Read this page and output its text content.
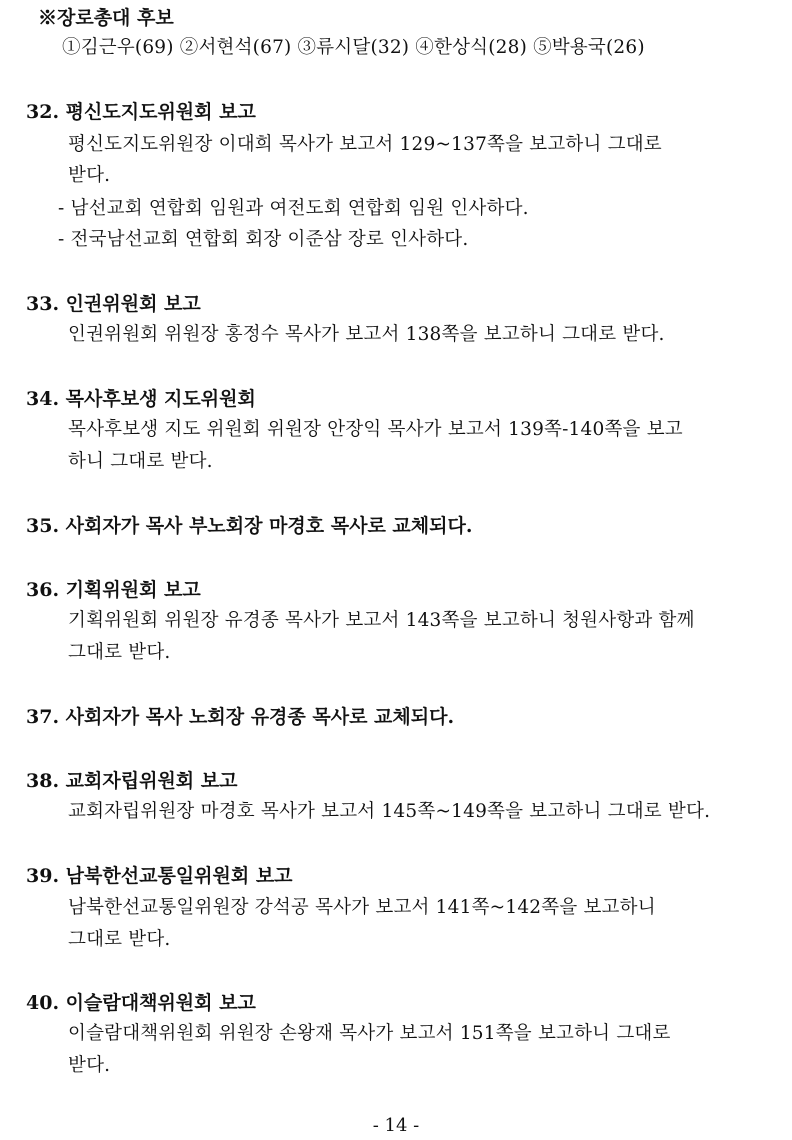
※장로총대 후보
①김근우(69) ②서현석(67) ③류시달(32) ④한상식(28) ⑤박용국(26)
32. 평신도지도위원회 보고
평신도지도위원장 이대희 목사가 보고서 129~137쪽을 보고하니 그대로
받다.
- 남선교회 연합회 임원과 여전도회 연합회 임원 인사하다.
- 전국남선교회 연합회 회장 이준삼 장로 인사하다.
33. 인권위원회 보고
인권위원회 위원장 홍정수 목사가 보고서 138쪽을 보고하니 그대로 받다.
34. 목사후보생 지도위원회
목사후보생 지도 위원회 위원장 안장익 목사가 보고서 139쪽-140쪽을 보고
하니 그대로 받다.
35. 사회자가 목사 부노회장 마경호 목사로 교체되다.
36. 기획위원회 보고
기획위원회 위원장 유경종 목사가 보고서 143쪽을 보고하니 청원사항과 함께
그대로 받다.
37. 사회자가 목사 노회장 유경종 목사로 교체되다.
38. 교회자립위원회 보고
교회자립위원장 마경호 목사가 보고서 145쪽~149쪽을 보고하니 그대로 받다.
39. 남북한선교통일위원회 보고
남북한선교통일위원장 강석공 목사가 보고서 141쪽~142쪽을 보고하니
그대로 받다.
40. 이슬람대책위원회 보고
이슬람대책위원회 위원장 손왕재 목사가 보고서 151쪽을 보고하니 그대로
받다.
- 14 -
